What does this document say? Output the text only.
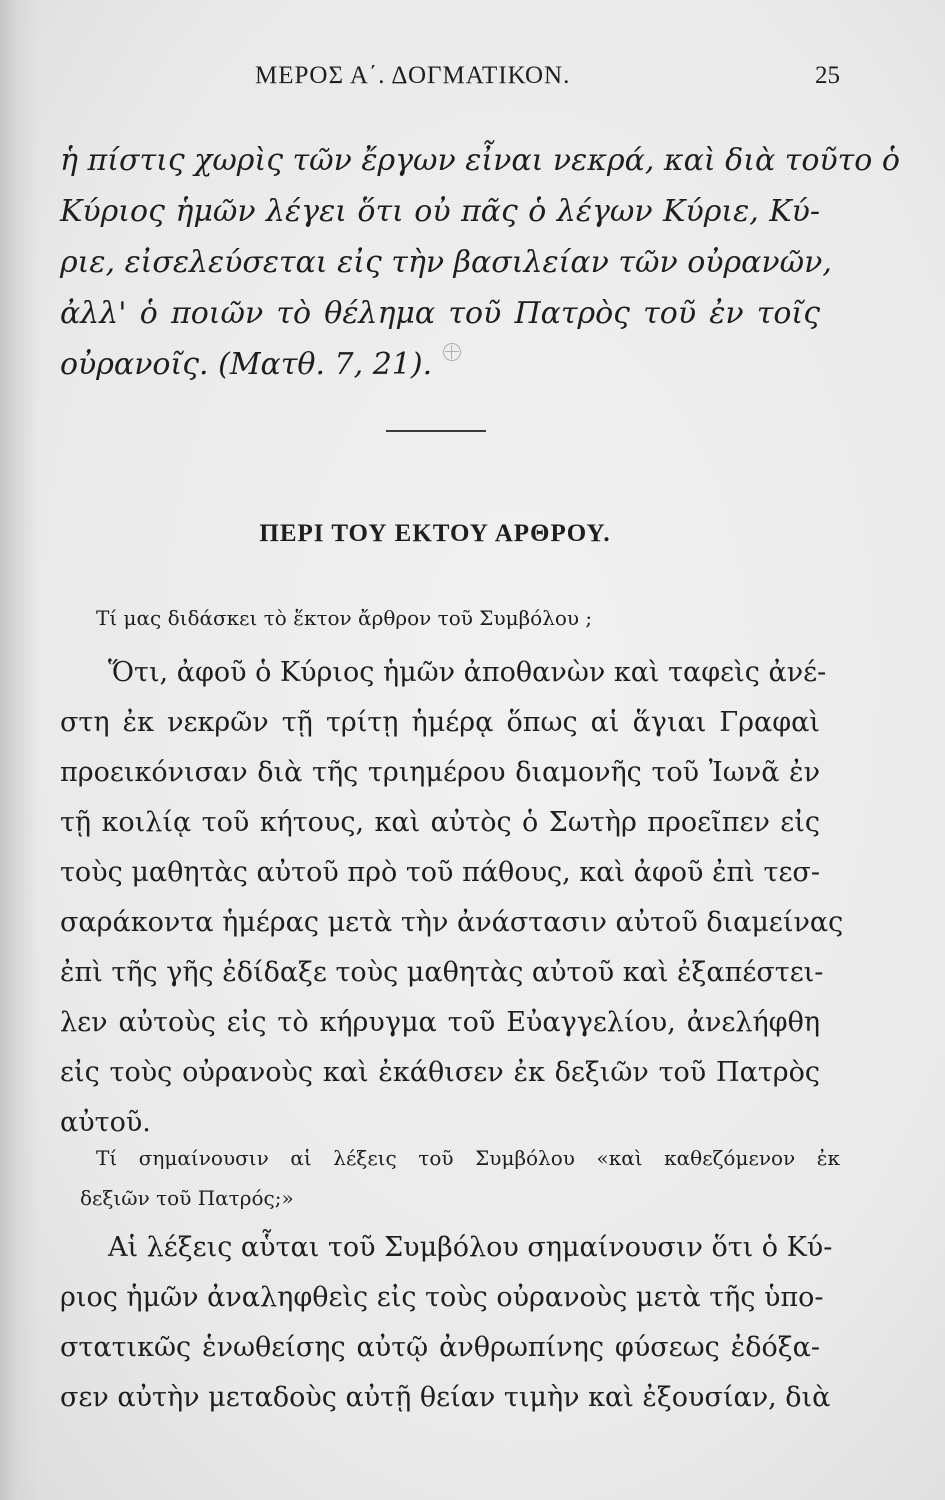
ΜΕΡΟΣ Α΄. ΔΟΓΜΑΤΙΚΟΝ.	25
ἡ πίστις χωρὶς τῶν ἔργων εἶναι νεκρά, καὶ διὰ τοῦτο ὁ
Κύριος ἡμῶν λέγει ὅτι οὐ πᾶς ὁ λέγων Κύριε, Κύ-
ριε, εἰσελεύσεται εἰς τὴν βασιλείαν τῶν οὐρανῶν,
ἀλλ' ὁ ποιῶν τὸ θέλημα τοῦ Πατρὸς τοῦ ἐν τοῖς
οὐρανοῖς. (Ματθ. 7, 21).
ΠΕΡΙ ΤΟΥ ΕΚΤΟΥ ΑΡΘΡΟΥ.
Τί μας διδάσκει τὸ ἕκτον ἄρθρον τοῦ Συμβόλου ;
Ὅτι, ἀφοῦ ὁ Κύριος ἡμῶν ἀποθανὼν καὶ ταφεὶς ἀνέ-
στη ἐκ νεκρῶν τῇ τρίτῃ ἡμέρᾳ ὅπως αἱ ἅγιαι Γραφαὶ
προεικόνισαν διὰ τῆς τριημέρου διαμονῆς τοῦ Ἰωνᾶ ἐν
τῇ κοιλίᾳ τοῦ κήτους, καὶ αὐτὸς ὁ Σωτὴρ προεῖπεν εἰς
τοὺς μαθητὰς αὐτοῦ πρὸ τοῦ πάθους, καὶ ἀφοῦ ἐπὶ τεσ-
σαράκοντα ἡμέρας μετὰ τὴν ἀνάστασιν αὐτοῦ διαμείνας
ἐπὶ τῆς γῆς ἐδίδαξε τοὺς μαθητὰς αὐτοῦ καὶ ἐξαπέστει-
λεν αὐτοὺς εἰς τὸ κήρυγμα τοῦ Εὐαγγελίου, ἀνελήφθη
εἰς τοὺς οὐρανοὺς καὶ ἐκάθισεν ἐκ δεξιῶν τοῦ Πατρὸς
αὐτοῦ.
Τί σημαίνουσιν αἱ λέξεις τοῦ Συμβόλου «καὶ καθεζόμενον ἐκ
δεξιῶν τοῦ Πατρός;»
Αἱ λέξεις αὗται τοῦ Συμβόλου σημαίνουσιν ὅτι ὁ Κύ-
ριος ἡμῶν ἀναληφθεὶς εἰς τοὺς οὐρανοὺς μετὰ τῆς ὑπο-
στατικῶς ἑνωθείσης αὐτῷ ἀνθρωπίνης φύσεως ἐδόξα-
σεν αὐτὴν μεταδοὺς αὐτῇ θείαν τιμὴν καὶ ἐξουσίαν, διὰ
